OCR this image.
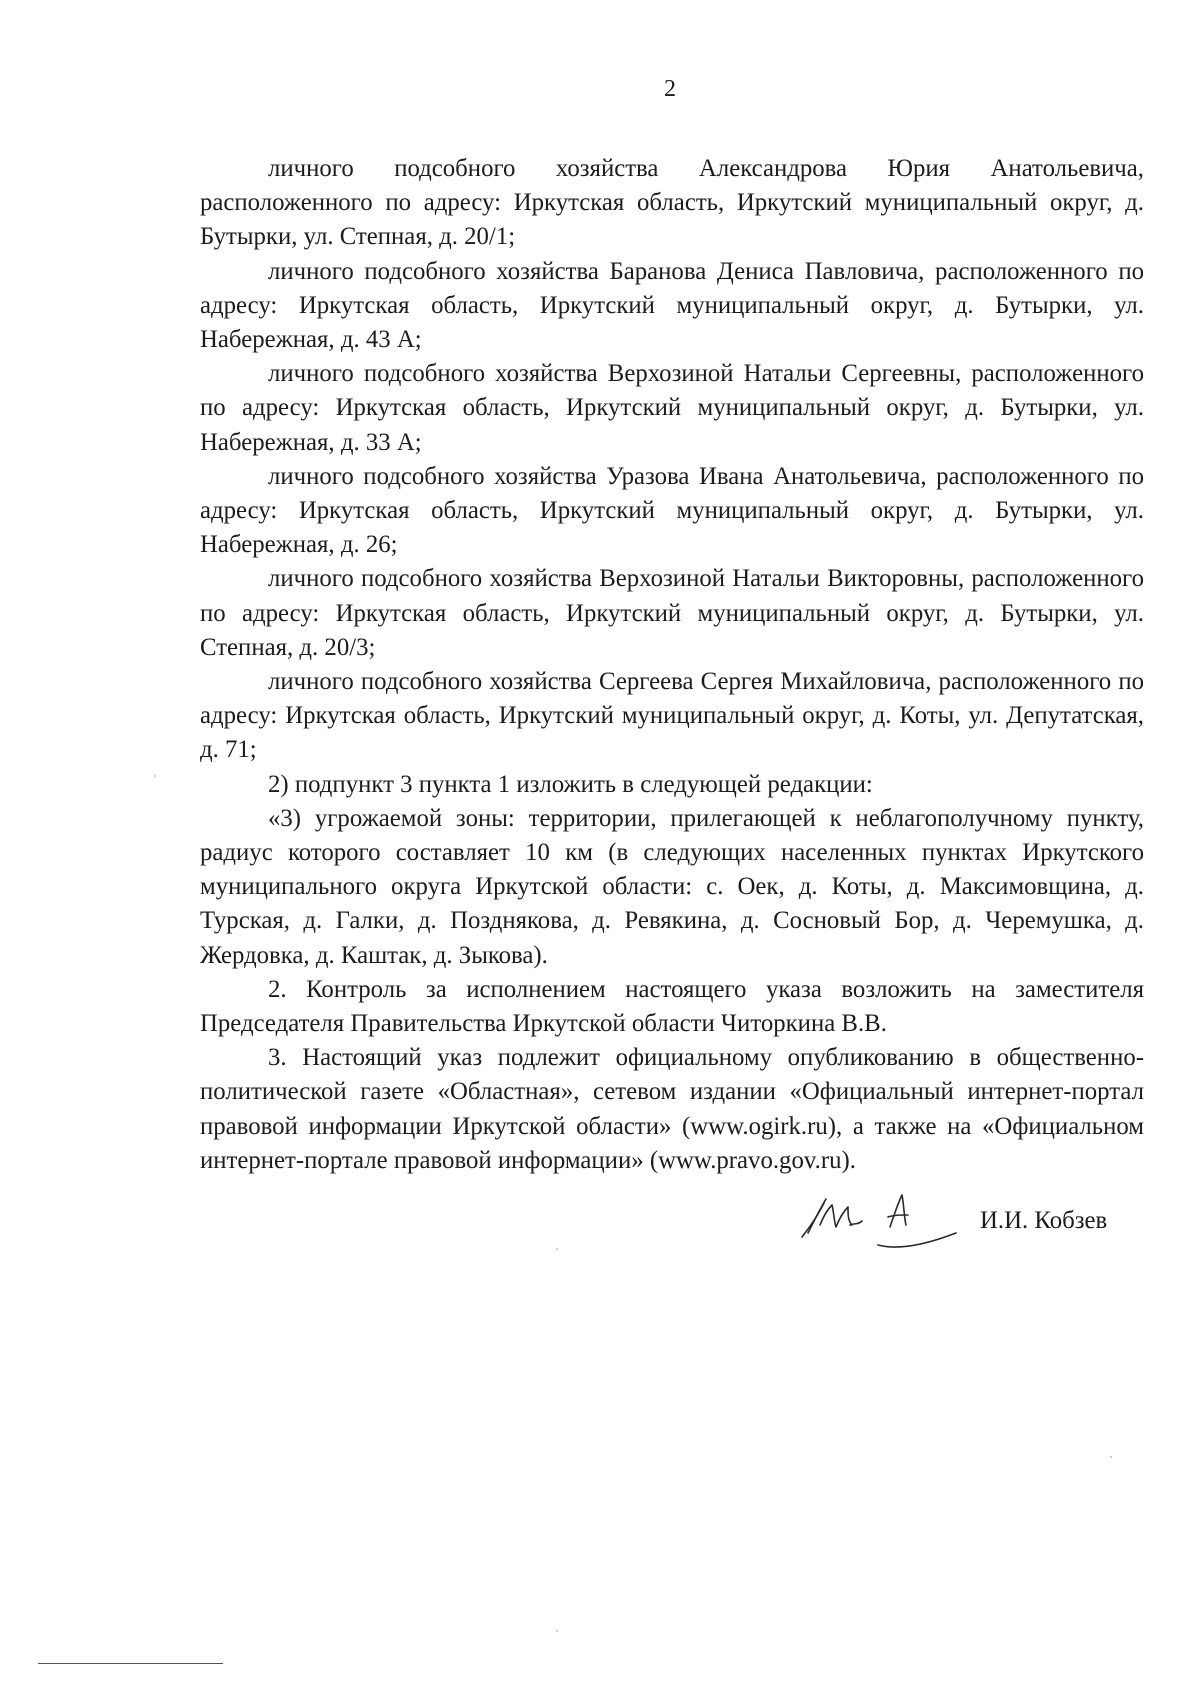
2

личного подсобного хозяйства Александрова Юрия Анатольевича, расположенного по адресу: Иркутская область, Иркутский муниципальный округ, д. Бутырки, ул. Степная, д. 20/1;

личного подсобного хозяйства Баранова Дениса Павловича, расположенного по адресу: Иркутская область, Иркутский муниципальный округ, д. Бутырки, ул. Набережная, д. 43 А;

личного подсобного хозяйства Верхозиной Натальи Сергеевны, расположенного по адресу: Иркутская область, Иркутский муниципальный округ, д. Бутырки, ул. Набережная, д. 33 А;

личного подсобного хозяйства Уразова Ивана Анатольевича, расположенного по адресу: Иркутская область, Иркутский муниципальный округ, д. Бутырки, ул. Набережная, д. 26;

личного подсобного хозяйства Верхозиной Натальи Викторовны, расположенного по адресу: Иркутская область, Иркутский муниципальный округ, д. Бутырки, ул. Степная, д. 20/3;

личного подсобного хозяйства Сергеева Сергея Михайловича, расположенного по адресу: Иркутская область, Иркутский муниципальный округ, д. Коты, ул. Депутатская, д. 71;

2) подпункт 3 пункта 1 изложить в следующей редакции:

«3) угрожаемой зоны: территории, прилегающей к неблагополучному пункту, радиус которого составляет 10 км (в следующих населенных пунктах Иркутского муниципального округа Иркутской области: с. Оек, д. Коты, д. Максимовщина, д. Турская, д. Галки, д. Позднякова, д. Ревякина, д. Сосновый Бор, д. Черемушка, д. Жердовка, д. Каштак, д. Зыкова).

2. Контроль за исполнением настоящего указа возложить на заместителя Председателя Правительства Иркутской области Читоркина В.В.

3. Настоящий указ подлежит официальному опубликованию в общественно-политической газете «Областная», сетевом издании «Официальный интернет-портал правовой информации Иркутской области» (www.ogirk.ru), а также на «Официальном интернет-портале правовой информации» (www.pravo.gov.ru).

И.И. Кобзев
